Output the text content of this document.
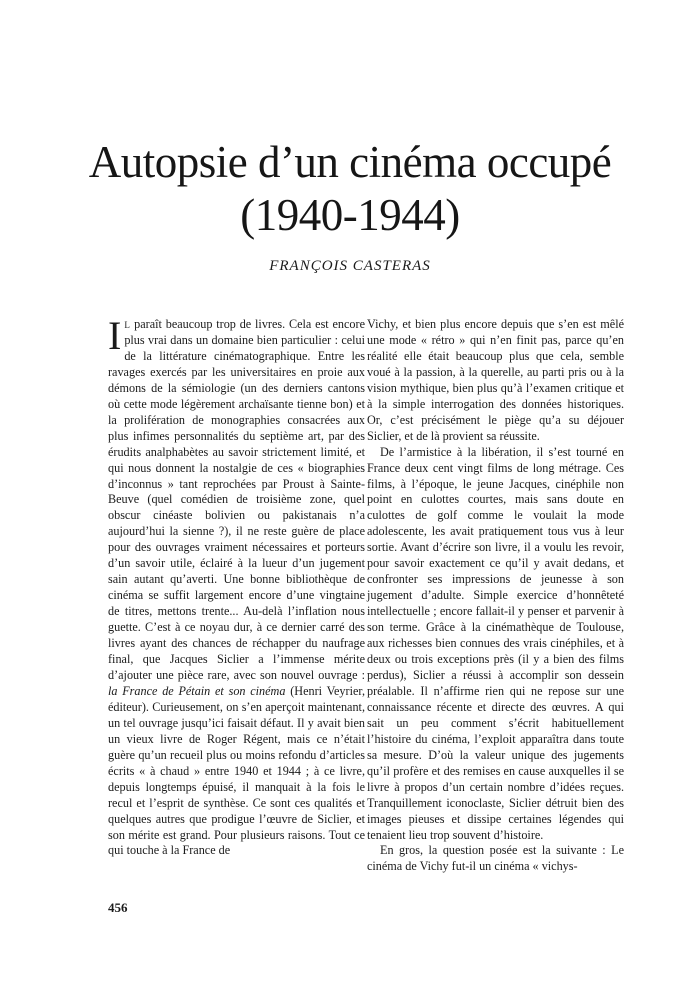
Autopsie d’un cinéma occupé
(1940-1944)
FRANÇOIS CASTERAS

Il paraît beaucoup trop de livres. Cela est encore plus vrai dans un domaine bien particulier : celui de la littérature cinématographique. Entre les ravages exercés par les universitaires en proie aux démons de la sémiologie (un des derniers cantons où cette mode légèrement archaïsante tienne bon) et la prolifération de monographies consacrées aux plus infimes personnalités du septième art, par des érudits analphabètes au savoir strictement limité, et qui nous donnent la nostalgie de ces « biographies d’inconnus » tant reprochées par Proust à Sainte-Beuve (quel comédien de troisième zone, quel obscur cinéaste bolivien ou pakistanais n’a aujourd’hui la sienne ?), il ne reste guère de place pour des ouvrages vraiment nécessaires et porteurs d’un savoir utile, éclairé à la lueur d’un jugement sain autant qu’averti. Une bonne bibliothèque de cinéma se suffit largement encore d’une vingtaine de titres, mettons trente... Au-delà l’inflation nous guette. C’est à ce noyau dur, à ce dernier carré des livres ayant des chances de réchapper du naufrage final, que Jacques Siclier a l’immense mérite d’ajouter une pièce rare, avec son nouvel ouvrage : la France de Pétain et son cinéma (Henri Veyrier, éditeur). Curieusement, on s’en aperçoit maintenant, un tel ouvrage jusqu’ici faisait défaut. Il y avait bien un vieux livre de Roger Régent, mais ce n’était guère qu’un recueil plus ou moins refondu d’articles écrits « à chaud » entre 1940 et 1944 ; à ce livre, depuis longtemps épuisé, il manquait à la fois le recul et l’esprit de synthèse. Ce sont ces qualités et quelques autres que prodigue l’œuvre de Siclier, et son mérite est grand. Pour plusieurs raisons. Tout ce qui touche à la France de

Vichy, et bien plus encore depuis que s’en est mêlé une mode « rétro » qui n’en finit pas, parce qu’en réalité elle était beaucoup plus que cela, semble voué à la passion, à la querelle, au parti pris ou à la vision mythique, bien plus qu’à l’examen critique et à la simple interrogation des données historiques. Or, c’est précisément le piège qu’a su déjouer Siclier, et de là provient sa réussite.

De l’armistice à la libération, il s’est tourné en France deux cent vingt films de long métrage. Ces films, à l’époque, le jeune Jacques, cinéphile non point en culottes courtes, mais sans doute en culottes de golf comme le voulait la mode adolescente, les avait pratiquement tous vus à leur sortie. Avant d’écrire son livre, il a voulu les revoir, pour savoir exactement ce qu’il y avait dedans, et confronter ses impressions de jeunesse à son jugement d’adulte. Simple exercice d’honnêteté intellectuelle ; encore fallait-il y penser et parvenir à son terme. Grâce à la cinémathèque de Toulouse, aux richesses bien connues des vrais cinéphiles, et à deux ou trois exceptions près (il y a bien des films perdus), Siclier a réussi à accomplir son dessein préalable. Il n’affirme rien qui ne repose sur une connaissance récente et directe des œuvres. A qui sait un peu comment s’écrit habituellement l’histoire du cinéma, l’exploit apparaîtra dans toute sa mesure. D’où la valeur unique des jugements qu’il profère et des remises en cause auxquelles il se livre à propos d’un certain nombre d’idées reçues. Tranquillement iconoclaste, Siclier détruit bien des images pieuses et dissipe certaines légendes qui tenaient lieu trop souvent d’histoire.

En gros, la question posée est la suivante : Le cinéma de Vichy fut-il un cinéma « vichys-

456
